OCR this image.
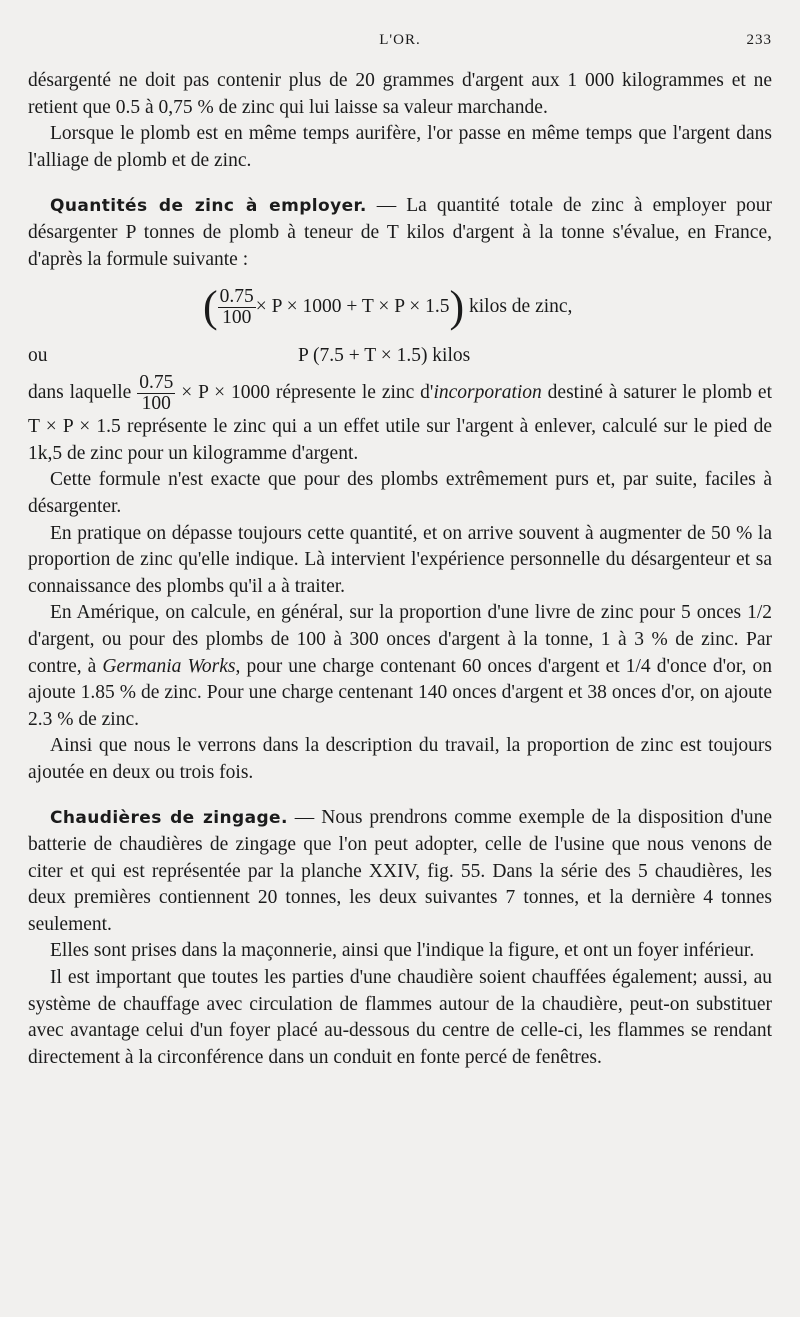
L'OR.	233

désargenté ne doit pas contenir plus de 20 grammes d'argent aux 1 000 kilogrammes et ne retient que 0.5 à 0,75 % de zinc qui lui laisse sa valeur marchande.

Lorsque le plomb est en même temps aurifère, l'or passe en même temps que l'argent dans l'alliage de plomb et de zinc.

Quantités de zinc à employer. — La quantité totale de zinc à employer pour désargenter P tonnes de plomb à teneur de T kilos d'argent à la tonne s'évalue, en France, d'après la formule suivante :

( $\frac{0.75}{100} \times P \times 1000 + T \times P \times 1.5$) kilos de zinc,
ou	P (7.5 + T × 1.5) kilos

dans laquelle $\frac{0.75}{100} \times P \times 1000$ répresente le zinc d'incorporation destiné à saturer le plomb et T × P × 1.5 représente le zinc qui a un effet utile sur l'argent à enlever, calculé sur le pied de 1k,5 de zinc pour un kilogramme d'argent.

Cette formule n'est exacte que pour des plombs extrêmement purs et, par suite, faciles à désargenter.

En pratique on dépasse toujours cette quantité, et on arrive souvent à augmenter de 50 % la proportion de zinc qu'elle indique. Là intervient l'expérience personnelle du désargenteur et sa connaissance des plombs qu'il a à traiter.

En Amérique, on calcule, en général, sur la proportion d'une livre de zinc pour 5 onces 1/2 d'argent, ou pour des plombs de 100 à 300 onces d'argent à la tonne, 1 à 3 % de zinc. Par contre, à Germania Works, pour une charge contenant 60 onces d'argent et 1/4 d'once d'or, on ajoute 1.85 % de zinc. Pour une charge centenant 140 onces d'argent et 38 onces d'or, on ajoute 2.3 % de zinc.

Ainsi que nous le verrons dans la description du travail, la proportion de zinc est toujours ajoutée en deux ou trois fois.

Chaudières de zingage. — Nous prendrons comme exemple de la disposition d'une batterie de chaudières de zingage que l'on peut adopter, celle de l'usine que nous venons de citer et qui est représentée par la planche XXIV, fig. 55. Dans la série des 5 chaudières, les deux premières contiennent 20 tonnes, les deux suivantes 7 tonnes, et la dernière 4 tonnes seulement.

Elles sont prises dans la maçonnerie, ainsi que l'indique la figure, et ont un foyer inférieur.

Il est important que toutes les parties d'une chaudière soient chauffées également; aussi, au système de chauffage avec circulation de flammes autour de la chaudière, peut-on substituer avec avantage celui d'un foyer placé au-dessous du centre de celle-ci, les flammes se rendant directement à la circonférence dans un conduit en fonte percé de fenêtres.
